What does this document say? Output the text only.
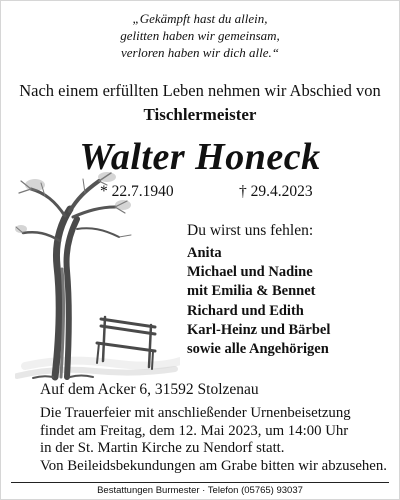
„Gekämpft hast du allein,
gelitten haben wir gemeinsam,
verloren haben wir dich alle.“
Nach einem erfüllten Leben nehmen wir Abschied von
Tischlermeister
Walter Honeck
* 22.7.1940	† 29.4.2023
Du wirst uns fehlen:
Anita
Michael und Nadine
mit Emilia & Bennet
Richard und Edith
Karl-Heinz und Bärbel
sowie alle Angehörigen
Auf dem Acker 6, 31592 Stolzenau
Die Trauerfeier mit anschließender Urnenbeisetzung
findet am Freitag, dem 12. Mai 2023, um 14:00 Uhr
in der St. Martin Kirche zu Nendorf statt.
Von Beileidsbekundungen am Grabe bitten wir abzusehen.
Bestattungen Burmester · Telefon (05765) 93037
